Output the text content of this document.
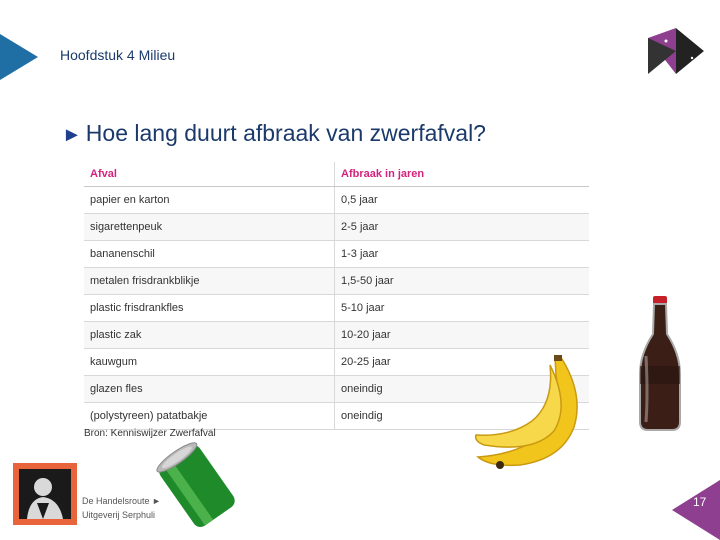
Hoofdstuk 4 Milieu
► Hoe lang duurt afbraak van zwerfafval?
Afval	Afbraak in jaren
papier en karton	0,5 jaar
sigarettenpeuk	2-5 jaar
bananenschil	1-3 jaar
metalen frisdrankblikje	1,5-50 jaar
plastic frisdrankfles	5-10 jaar
plastic zak	10-20 jaar
kauwgum	20-25 jaar
glazen fles	oneindig
(polystyreen) patatbakje	oneindig
Bron: Kenniswijzer Zwerfafval
De Handelsroute ►
Uitgeverij Serphuli
17
